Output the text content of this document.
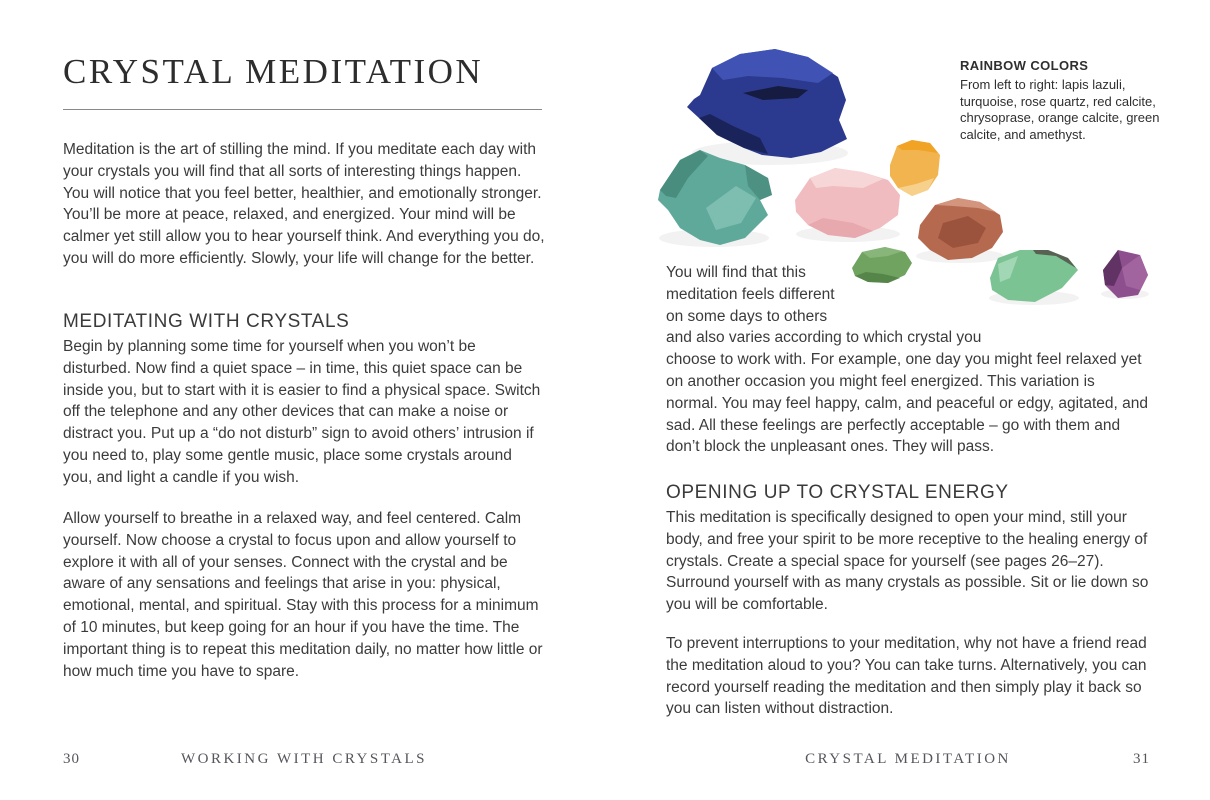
CRYSTAL MEDITATION

Meditation is the art of stilling the mind. If you meditate each day with your crystals you will find that all sorts of interesting things happen. You will notice that you feel better, healthier, and emotionally stronger. You’ll be more at peace, relaxed, and energized. Your mind will be calmer yet still allow you to hear yourself think. And everything you do, you will do more efficiently. Slowly, your life will change for the better.

MEDITATING WITH CRYSTALS

Begin by planning some time for yourself when you won’t be disturbed. Now find a quiet space – in time, this quiet space can be inside you, but to start with it is easier to find a physical space. Switch off the telephone and any other devices that can make a noise or distract you. Put up a “do not disturb” sign to avoid others’ intrusion if you need to, play some gentle music, place some crystals around you, and light a candle if you wish.

Allow yourself to breathe in a relaxed way, and feel centered. Calm yourself. Now choose a crystal to focus upon and allow yourself to explore it with all of your senses. Connect with the crystal and be aware of any sensations and feelings that arise in you: physical, emotional, mental, and spiritual. Stay with this process for a minimum of 10 minutes, but keep going for an hour if you have the time. The important thing is to repeat this meditation daily, no matter how little or how much time you have to spare.

30	WORKING WITH CRYSTALS
RAINBOW COLORS
From left to right: lapis lazuli, turquoise, rose quartz, red calcite, chrysoprase, orange calcite, green calcite, and amethyst.

You will find that this meditation feels different on some days to others and also varies according to which crystal you choose to work with. For example, one day you might feel relaxed yet on another occasion you might feel energized. This variation is normal. You may feel happy, calm, and peaceful or edgy, agitated, and sad. All these feelings are perfectly acceptable – go with them and don’t block the unpleasant ones. They will pass.

OPENING UP TO CRYSTAL ENERGY

This meditation is specifically designed to open your mind, still your body, and free your spirit to be more receptive to the healing energy of crystals. Create a special space for yourself (see pages 26–27). Surround yourself with as many crystals as possible. Sit or lie down so you will be comfortable.

To prevent interruptions to your meditation, why not have a friend read the meditation aloud to you? You can take turns. Alternatively, you can record yourself reading the meditation and then simply play it back so you can listen without distraction.

CRYSTAL MEDITATION	31
